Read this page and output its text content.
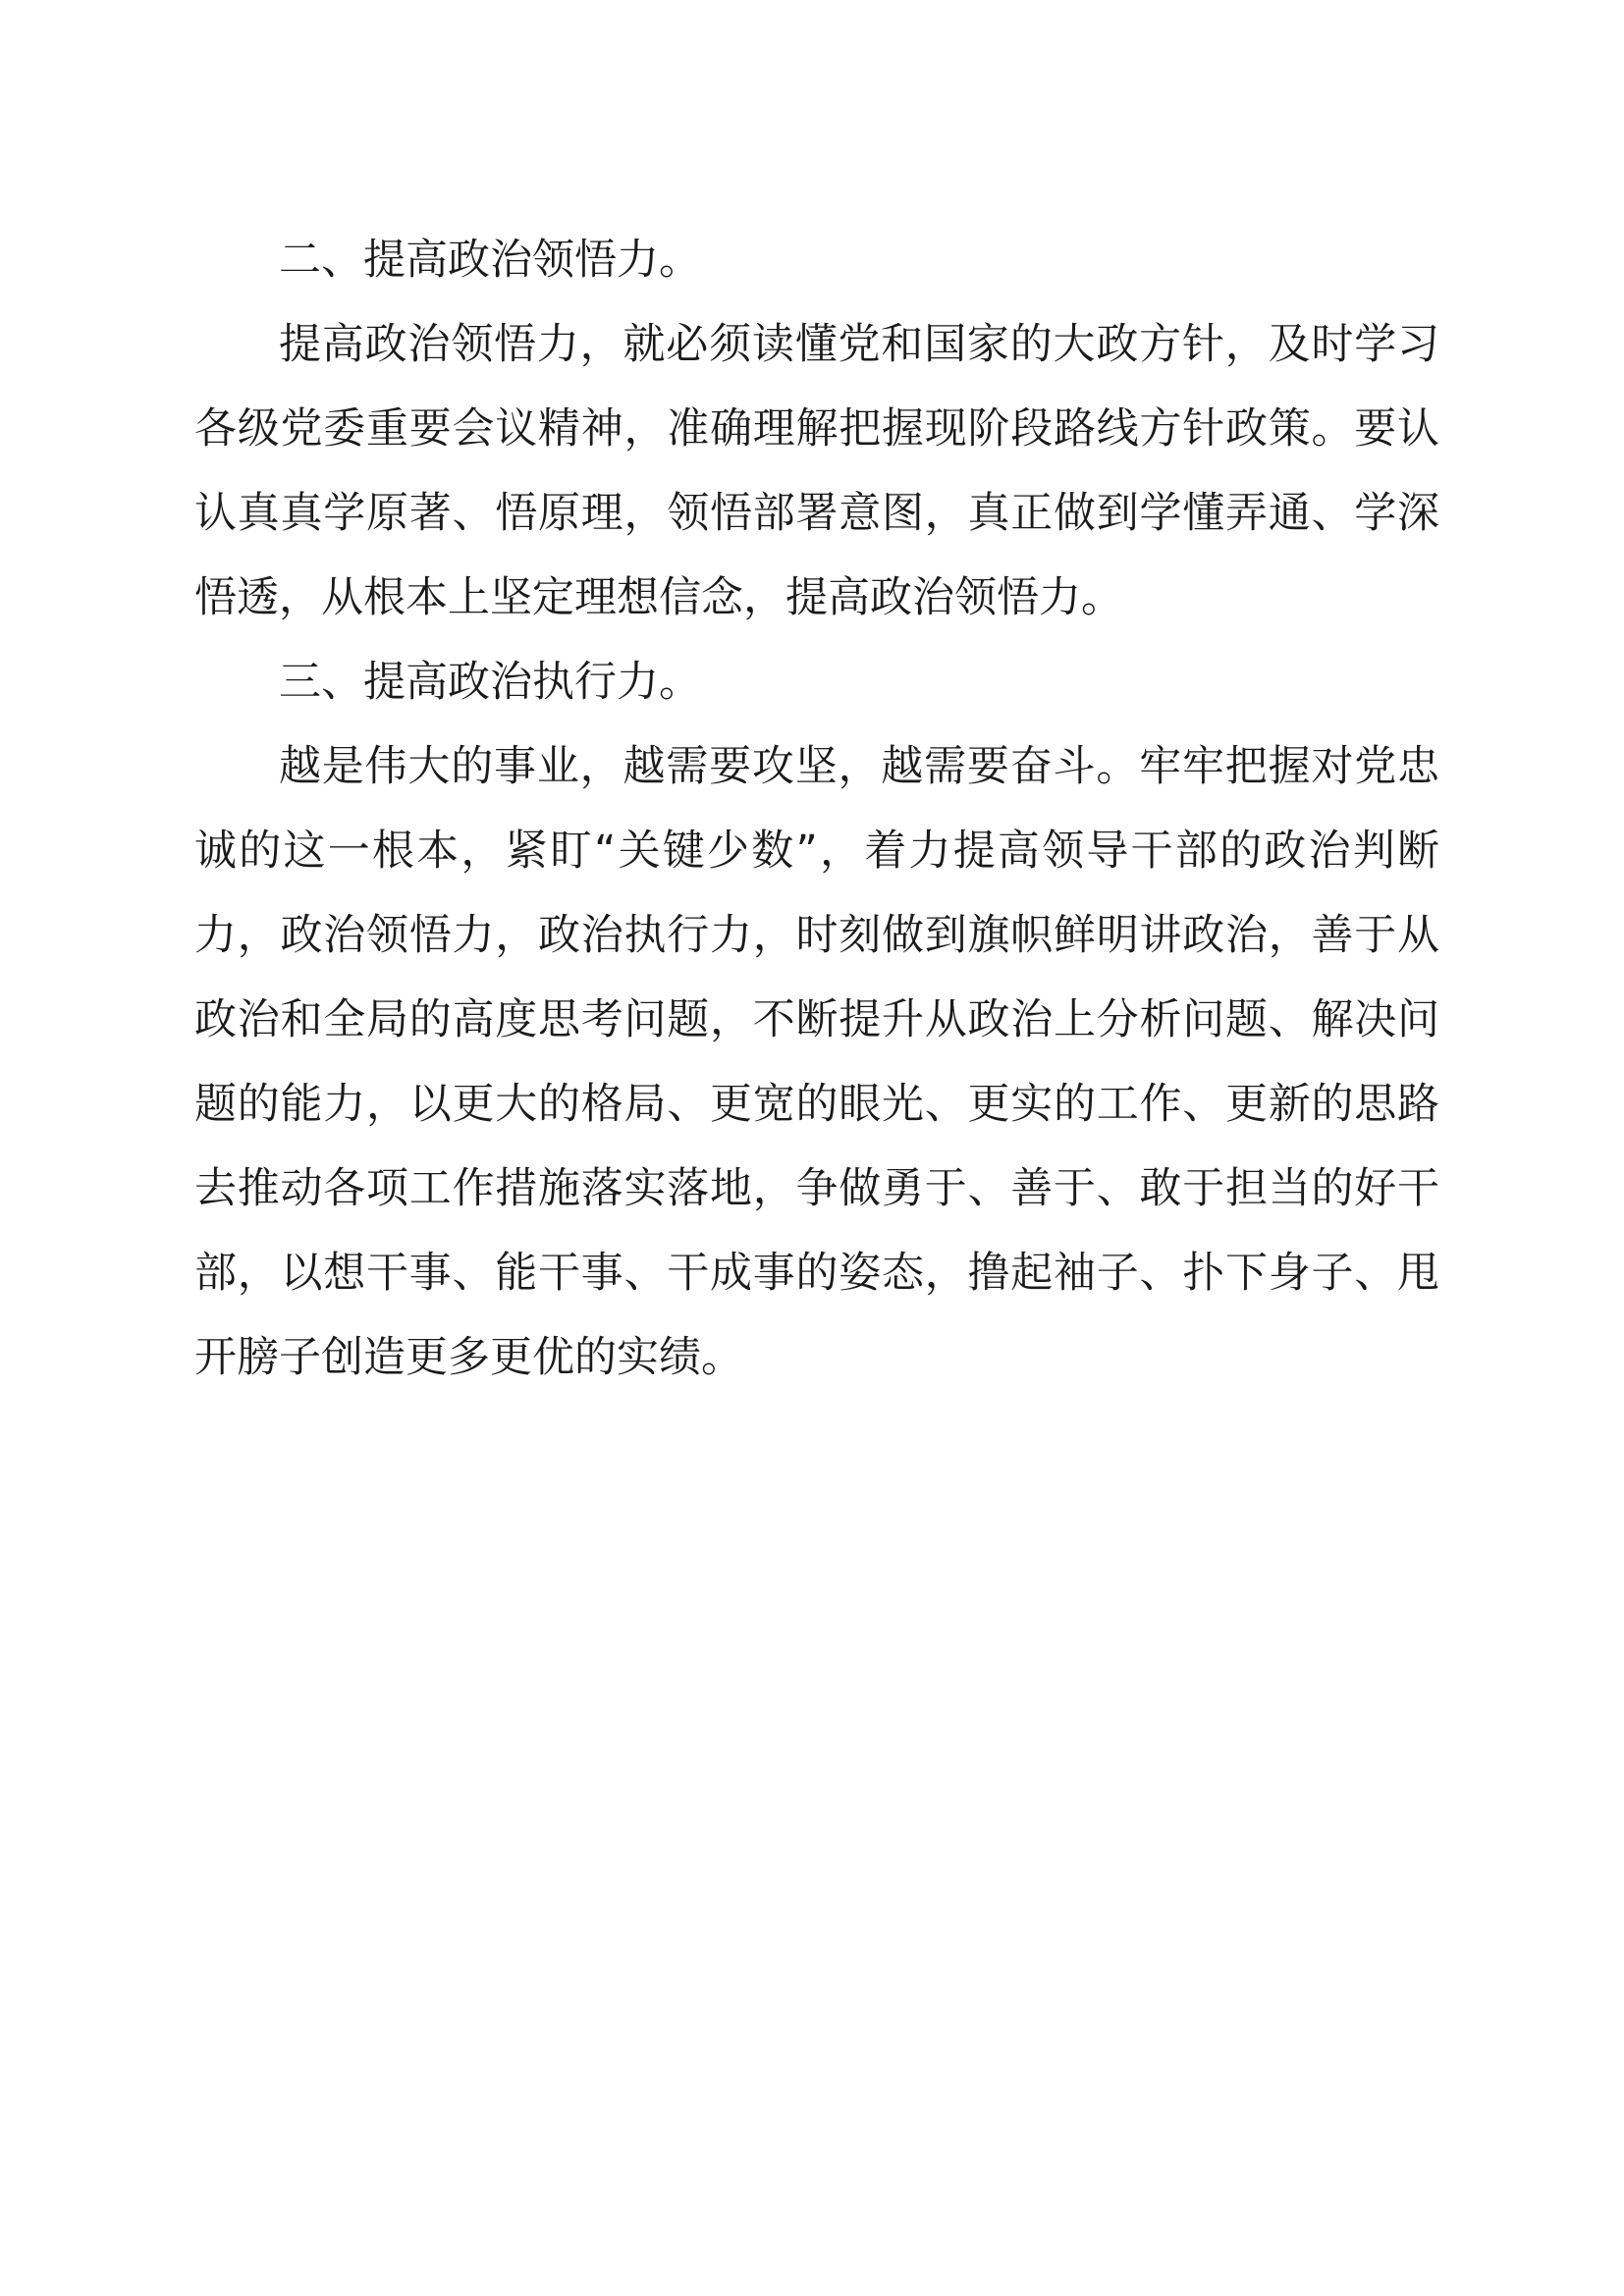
二、提高政治领悟力。

提高政治领悟力，就必须读懂党和国家的大政方针，及时学习各级党委重要会议精神，准确理解把握现阶段路线方针政策。要认认真真学原著、悟原理，领悟部署意图，真正做到学懂弄通、学深悟透，从根本上坚定理想信念，提高政治领悟力。

三、提高政治执行力。

越是伟大的事业，越需要攻坚，越需要奋斗。牢牢把握对党忠诚的这一根本，紧盯“关键少数”，着力提高领导干部的政治判断力，政治领悟力，政治执行力，时刻做到旗帜鲜明讲政治，善于从政治和全局的高度思考问题，不断提升从政治上分析问题、解决问题的能力，以更大的格局、更宽的眼光、更实的工作、更新的思路去推动各项工作措施落实落地，争做勇于、善于、敢于担当的好干部，以想干事、能干事、干成事的姿态，撸起袖子、扑下身子、甩开膀子创造更多更优的实绩。
